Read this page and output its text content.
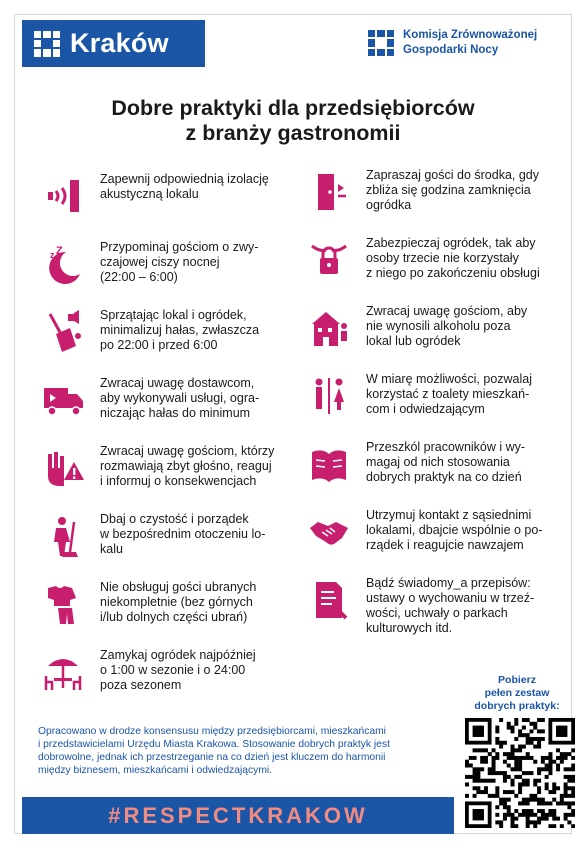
Kraków	Komisja Zrównoważonej
Gospodarki Nocy
Dobre praktyki dla przedsiębiorców
z branży gastronomii
Zapewnij odpowiednią izolację
akustyczną lokalu
z Z	Przypominaj gościom o zwy-
czajowej ciszy nocnej
(22:00 – 6:00)
Sprzątając lokal i ogródek,
minimalizuj hałas, zwłaszcza
po 22:00 i przed 6:00
Zwracaj uwagę dostawcom,
aby wykonywali usługi, ogra-
niczając hałas do minimum
Zwracaj uwagę gościom, którzy
rozmawiają zbyt głośno, reaguj
i informuj o konsekwencjach
Dbaj o czystość i porządek
w bezpośrednim otoczeniu lo-
kalu
Nie obsługuj gości ubranych
niekompletnie (bez górnych
i/lub dolnych części ubrań)
Zamykaj ogródek najpóźniej
o 1:00 w sezonie i o 24:00
poza sezonem
Zapraszaj gości do środka, gdy
zbliża się godzina zamknięcia
ogródka
Zabezpieczaj ogródek, tak aby
osoby trzecie nie korzystały
z niego po zakończeniu obsługi
Zwracaj uwagę gościom, aby
nie wynosili alkoholu poza
lokal lub ogródek
W miarę możliwości, pozwalaj
korzystać z toalety mieszkań-
com i odwiedzającym
Przeszkól pracowników i wy-
magaj od nich stosowania
dobrych praktyk na co dzień
Utrzymuj kontakt z sąsiednimi
lokalami, dbajcie wspólnie o po-
rządek i reagujcie nawzajem
Bądź świadomy_a przepisów:
ustawy o wychowaniu w trzeź-
wości, uchwały o parkach
kulturowych itd.
Pobierz
pełen zestaw
dobrych praktyk:
Opracowano w drodze konsensusu między przedsiębiorcami, mieszkańcami
i przedstawicielami Urzędu Miasta Krakowa. Stosowanie dobrych praktyk jest
dobrowolne, jednak ich przestrzeganie na co dzień jest kluczem do harmonii
między biznesem, mieszkańcami i odwiedzającymi.
#RESPECTKRAKOW
